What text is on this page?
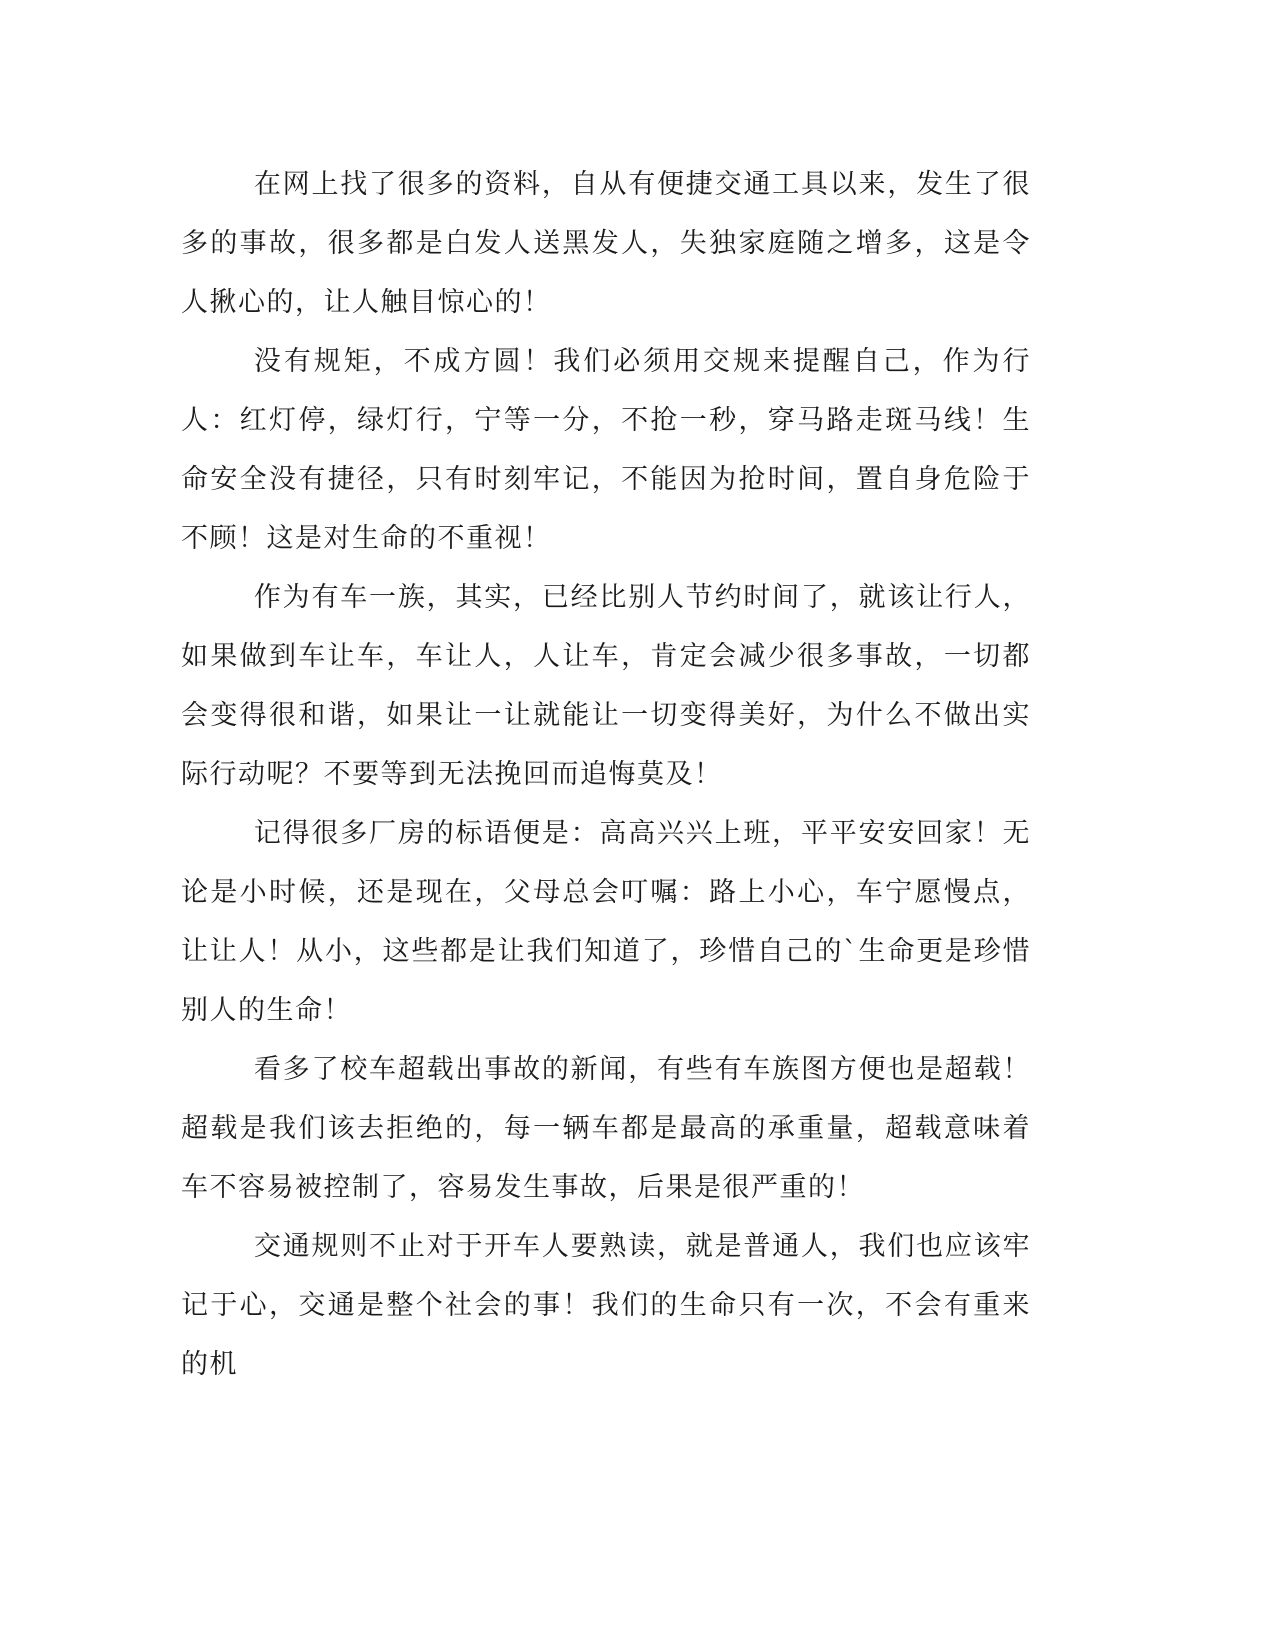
在网上找了很多的资料，自从有便捷交通工具以来，发生了很多的事故，很多都是白发人送黑发人，失独家庭随之增多，这是令人揪心的，让人触目惊心的！

没有规矩，不成方圆！我们必须用交规来提醒自己，作为行人：红灯停，绿灯行，宁等一分，不抢一秒，穿马路走斑马线！生命安全没有捷径，只有时刻牢记，不能因为抢时间，置自身危险于不顾！这是对生命的不重视！

作为有车一族，其实，已经比别人节约时间了，就该让行人，如果做到车让车，车让人，人让车，肯定会减少很多事故，一切都会变得很和谐，如果让一让就能让一切变得美好，为什么不做出实际行动呢？不要等到无法挽回而追悔莫及！

记得很多厂房的标语便是：高高兴兴上班，平平安安回家！无论是小时候，还是现在，父母总会叮嘱：路上小心，车宁愿慢点，让让人！从小，这些都是让我们知道了，珍惜自己的`生命更是珍惜别人的生命！

看多了校车超载出事故的新闻，有些有车族图方便也是超载！超载是我们该去拒绝的，每一辆车都是最高的承重量，超载意味着车不容易被控制了，容易发生事故，后果是很严重的！

交通规则不止对于开车人要熟读，就是普通人，我们也应该牢记于心，交通是整个社会的事！我们的生命只有一次，不会有重来的机
